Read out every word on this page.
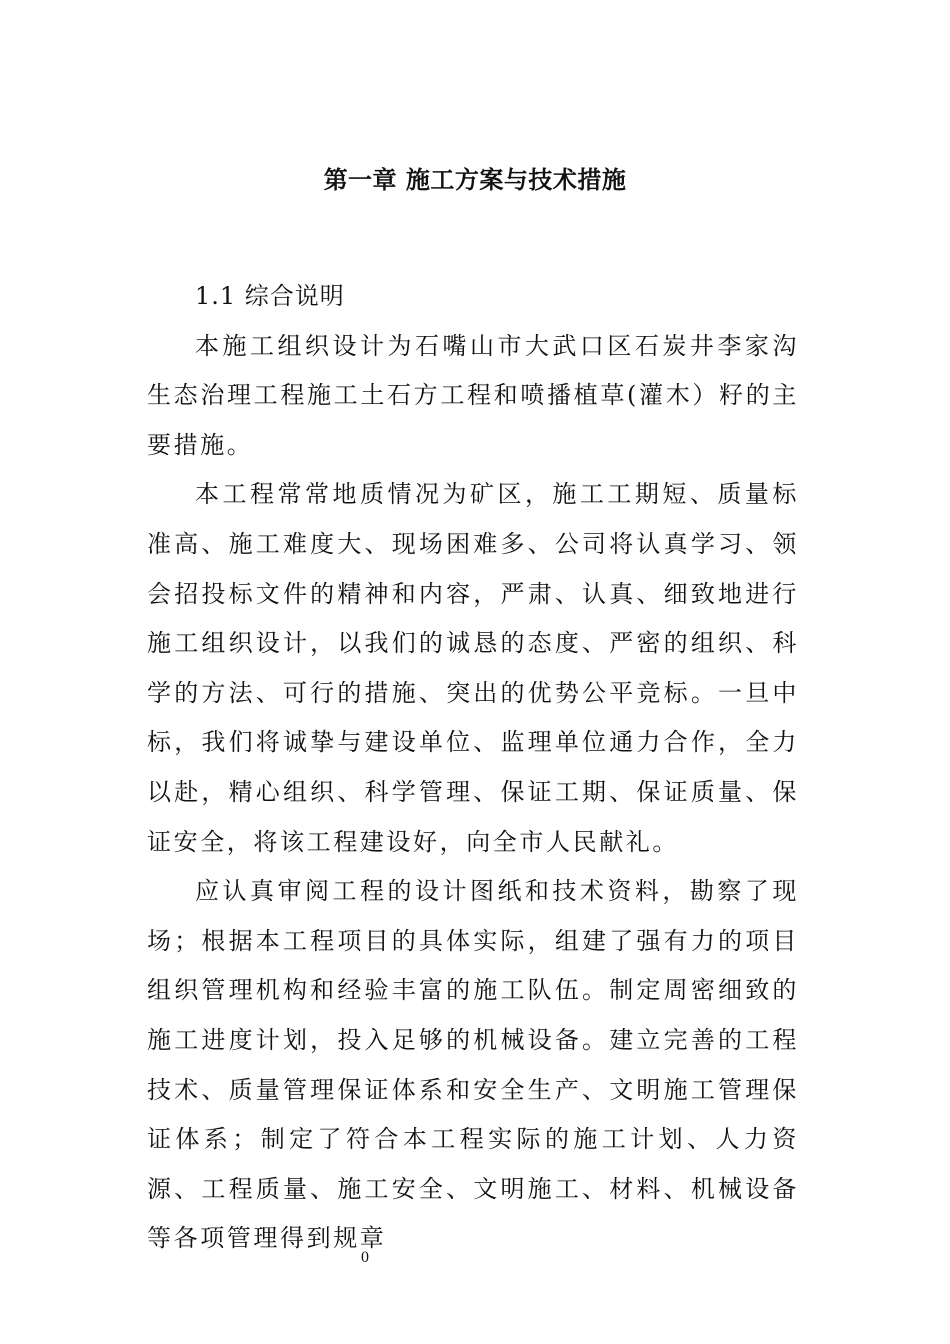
第一章 施工方案与技术措施

1.1 综合说明

本施工组织设计为石嘴山市大武口区石炭井李家沟生态治理工程施工土石方工程和喷播植草(灌木）籽的主要措施。

本工程常常地质情况为矿区，施工工期短、质量标准高、施工难度大、现场困难多、公司将认真学习、领会招投标文件的精神和内容，严肃、认真、细致地进行施工组织设计，以我们的诚恳的态度、严密的组织、科学的方法、可行的措施、突出的优势公平竞标。一旦中标，我们将诚挚与建设单位、监理单位通力合作，全力以赴，精心组织、科学管理、保证工期、保证质量、保证安全，将该工程建设好，向全市人民献礼。

应认真审阅工程的设计图纸和技术资料，勘察了现场；根据本工程项目的具体实际，组建了强有力的项目组织管理机构和经验丰富的施工队伍。制定周密细致的施工进度计划，投入足够的机械设备。建立完善的工程技术、质量管理保证体系和安全生产、文明施工管理保证体系；制定了符合本工程实际的施工计划、人力资源、工程质量、施工安全、文明施工、材料、机械设备等各项管理得到规章

0
